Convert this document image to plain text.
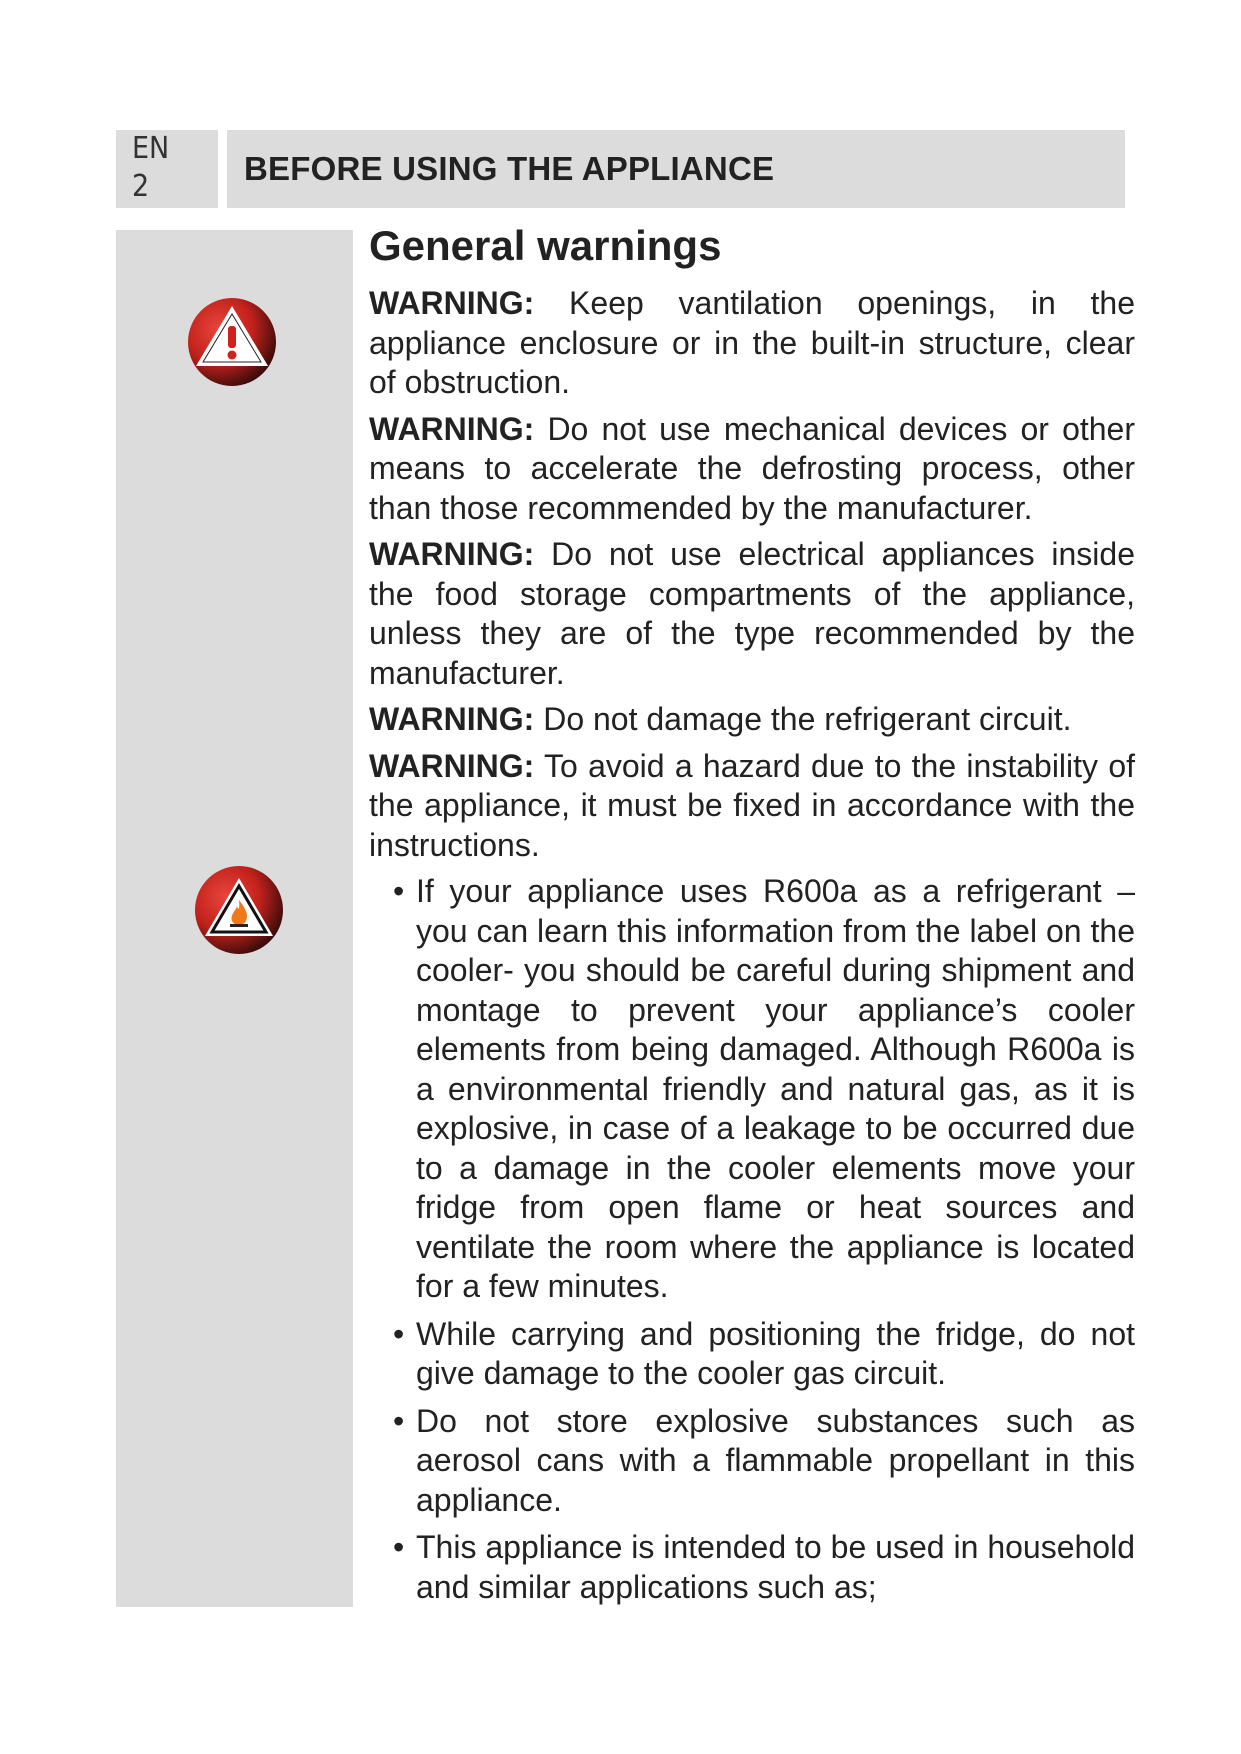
EN
2	BEFORE USING THE APPLIANCE
General warnings

WARNING: Keep vantilation openings, in the appliance enclosure or in the built-in structure, clear of obstruction.

WARNING: Do not use mechanical devices or other means to accelerate the defrosting process, other than those recommended by the manufacturer.

WARNING: Do not use electrical appliances inside the food storage compartments of the appliance, unless they are of the type recommended by the manufacturer.

WARNING: Do not damage the refrigerant circuit.

WARNING: To avoid a hazard due to the instability of the appliance, it must be fixed in accordance with the instructions.

• If your appliance uses R600a as a refrigerant – you can learn this information from the label on the cooler- you should be careful during shipment and montage to prevent your appliance’s cooler elements from being damaged. Although R600a is a environmental friendly and natural gas, as it is explosive, in case of a leakage to be occurred due to a damage in the cooler elements move your fridge from open flame or heat sources and ventilate the room where the appliance is located for a few minutes.
• While carrying and positioning the fridge, do not give damage to the cooler gas circuit.
• Do not store explosive substances such as aerosol cans with a flammable propellant in this appliance.
• This appliance is intended to be used in household and similar applications such as;
